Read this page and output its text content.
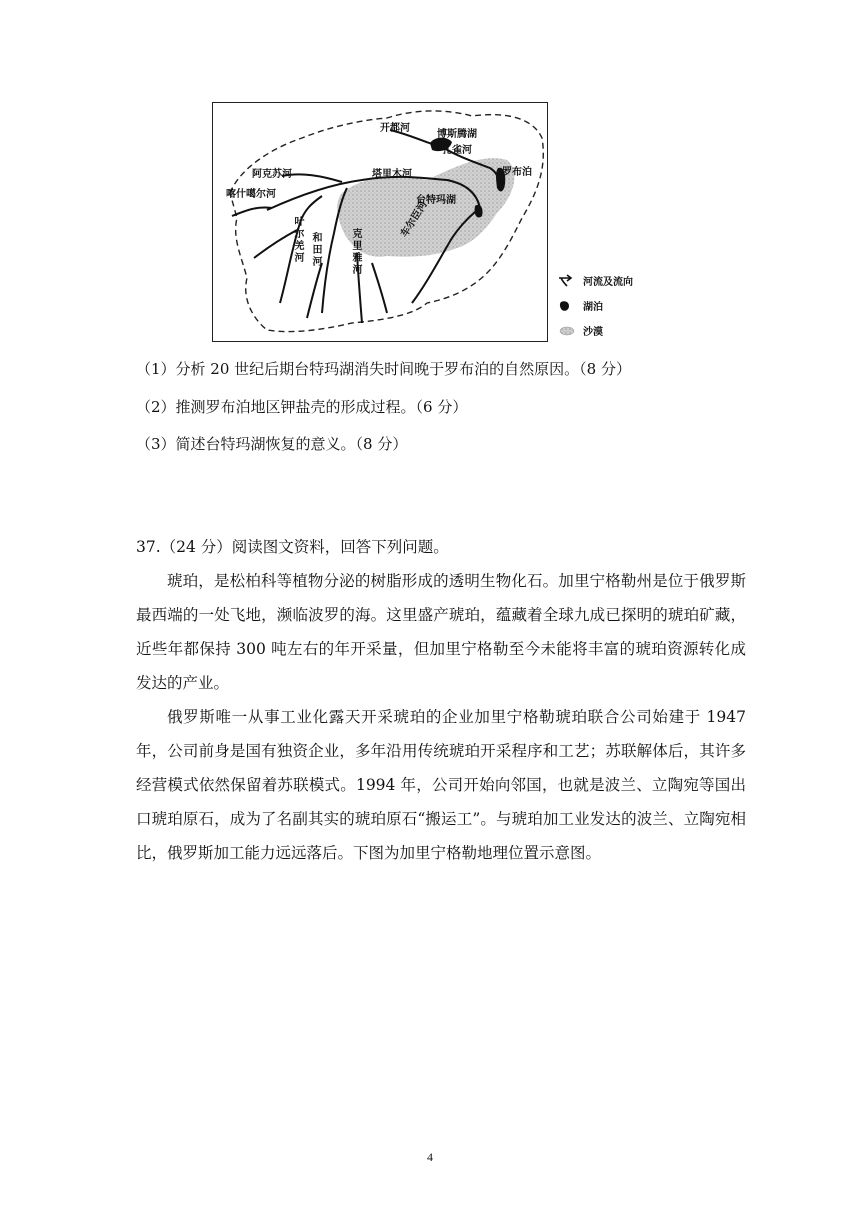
开都河
博斯腾湖
孔雀河
罗布泊
阿克苏河
喀什噶尔河
塔里木河
台特玛湖
叶尔羌河 和田河	克里雅河
车尔臣河
河流及流向
湖泊
沙漠
（1）分析 20 世纪后期台特玛湖消失时间晚于罗布泊的自然原因。（8 分）
（2）推测罗布泊地区钾盐壳的形成过程。（6 分）
（3）简述台特玛湖恢复的意义。（8 分）
37.（24 分）阅读图文资料，回答下列问题。
琥珀，是松柏科等植物分泌的树脂形成的透明生物化石。加里宁格勒州是位于俄罗斯最西端的一处飞地，濒临波罗的海。这里盛产琥珀，蕴藏着全球九成已探明的琥珀矿藏，近些年都保持 300 吨左右的年开采量，但加里宁格勒至今未能将丰富的琥珀资源转化成发达的产业。
俄罗斯唯一从事工业化露天开采琥珀的企业加里宁格勒琥珀联合公司始建于 1947 年，公司前身是国有独资企业，多年沿用传统琥珀开采程序和工艺；苏联解体后，其许多经营模式依然保留着苏联模式。1994 年，公司开始向邻国，也就是波兰、立陶宛等国出口琥珀原石，成为了名副其实的琥珀原石“搬运工”。与琥珀加工业发达的波兰、立陶宛相比，俄罗斯加工能力远远落后。下图为加里宁格勒地理位置示意图。
4
